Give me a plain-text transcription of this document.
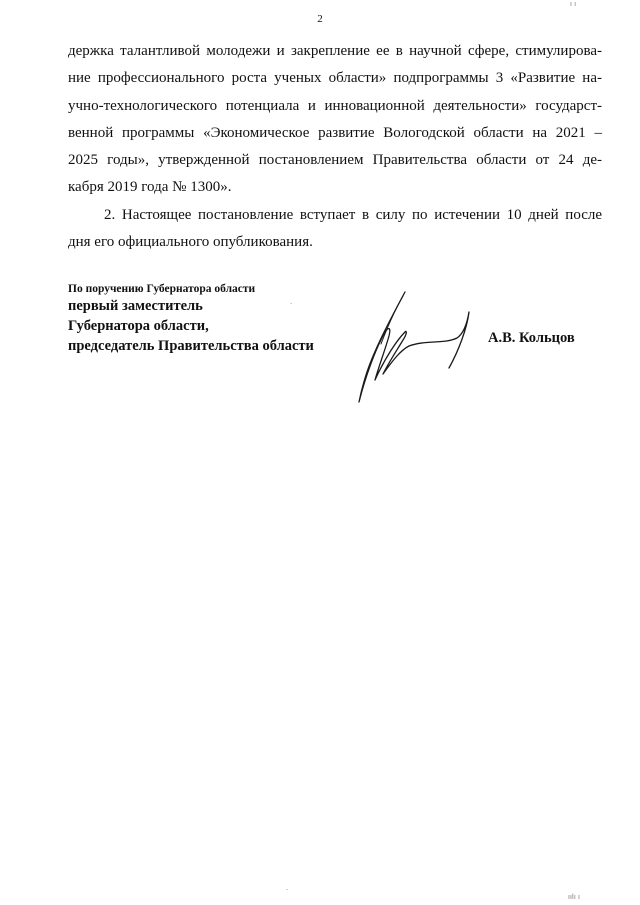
2
держка талантливой молодежи и закрепление ее в научной сфере, стимулирова-
ние профессионального роста ученых области» подпрограммы 3 «Развитие на-
учно-технологического потенциала и инновационной деятельности» государст-
венной программы «Экономическое развитие Вологодской области на 2021 –
2025 годы», утвержденной постановлением Правительства области от 24 де-
кабря 2019 года № 1300».
2. Настоящее постановление вступает в силу по истечении 10 дней после
дня его официального опубликования.
По поручению Губернатора области
первый заместитель
Губернатора области,
председатель Правительства области	А.В. Кольцов
·
·
ıılı ı
ı ı
